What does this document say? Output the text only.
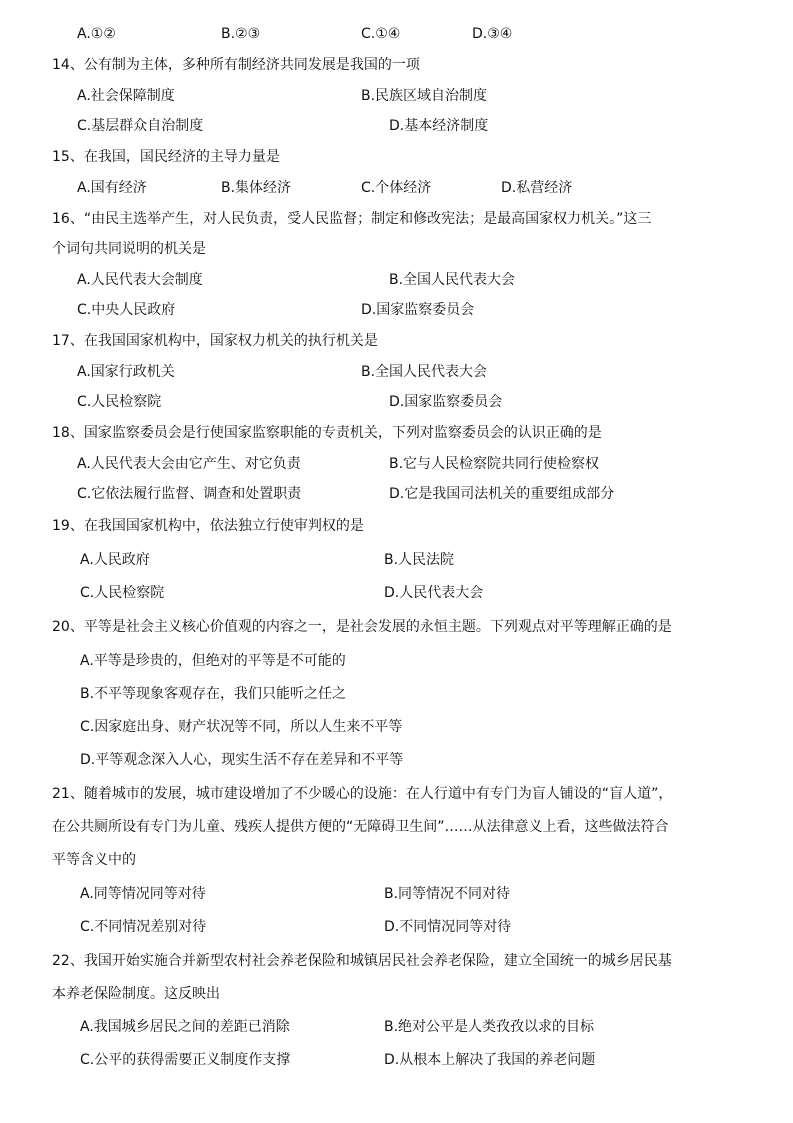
A.①②	B.②③	C.①④	D.③④
14、公有制为主体，多种所有制经济共同发展是我国的一项
A.社会保障制度	B.民族区域自治制度
C.基层群众自治制度	D.基本经济制度
15、在我国，国民经济的主导力量是
A.国有经济	B.集体经济	C.个体经济	D.私营经济
16、“由民主选举产生，对人民负责，受人民监督；制定和修改宪法；是最高国家权力机关。”这三
个词句共同说明的机关是
A.人民代表大会制度	B.全国人民代表大会
C.中央人民政府	D.国家监察委员会
17、在我国国家机构中，国家权力机关的执行机关是
A.国家行政机关	B.全国人民代表大会
C.人民检察院	D.国家监察委员会
18、国家监察委员会是行使国家监察职能的专责机关，下列对监察委员会的认识正确的是
A.人民代表大会由它产生、对它负责	B.它与人民检察院共同行使检察权
C.它依法履行监督、调查和处置职责	D.它是我国司法机关的重要组成部分
19、在我国国家机构中，依法独立行使审判权的是
A.人民政府	B.人民法院
C.人民检察院	D.人民代表大会
20、平等是社会主义核心价值观的内容之一，是社会发展的永恒主题。下列观点对平等理解正确的是
A.平等是珍贵的，但绝对的平等是不可能的
B.不平等现象客观存在，我们只能听之任之
C.因家庭出身、财产状况等不同，所以人生来不平等
D.平等观念深入人心，现实生活不存在差异和不平等
21、随着城市的发展，城市建设增加了不少暖心的设施：在人行道中有专门为盲人铺设的“盲人道”，
在公共厕所设有专门为儿童、残疾人提供方便的“无障碍卫生间”……从法律意义上看，这些做法符合
平等含义中的
A.同等情况同等对待	B.同等情况不同对待
C.不同情况差别对待	D.不同情况同等对待
22、我国开始实施合并新型农村社会养老保险和城镇居民社会养老保险，建立全国统一的城乡居民基
本养老保险制度。这反映出
A.我国城乡居民之间的差距已消除	B.绝对公平是人类孜孜以求的目标
C.公平的获得需要正义制度作支撑	D.从根本上解决了我国的养老问题
